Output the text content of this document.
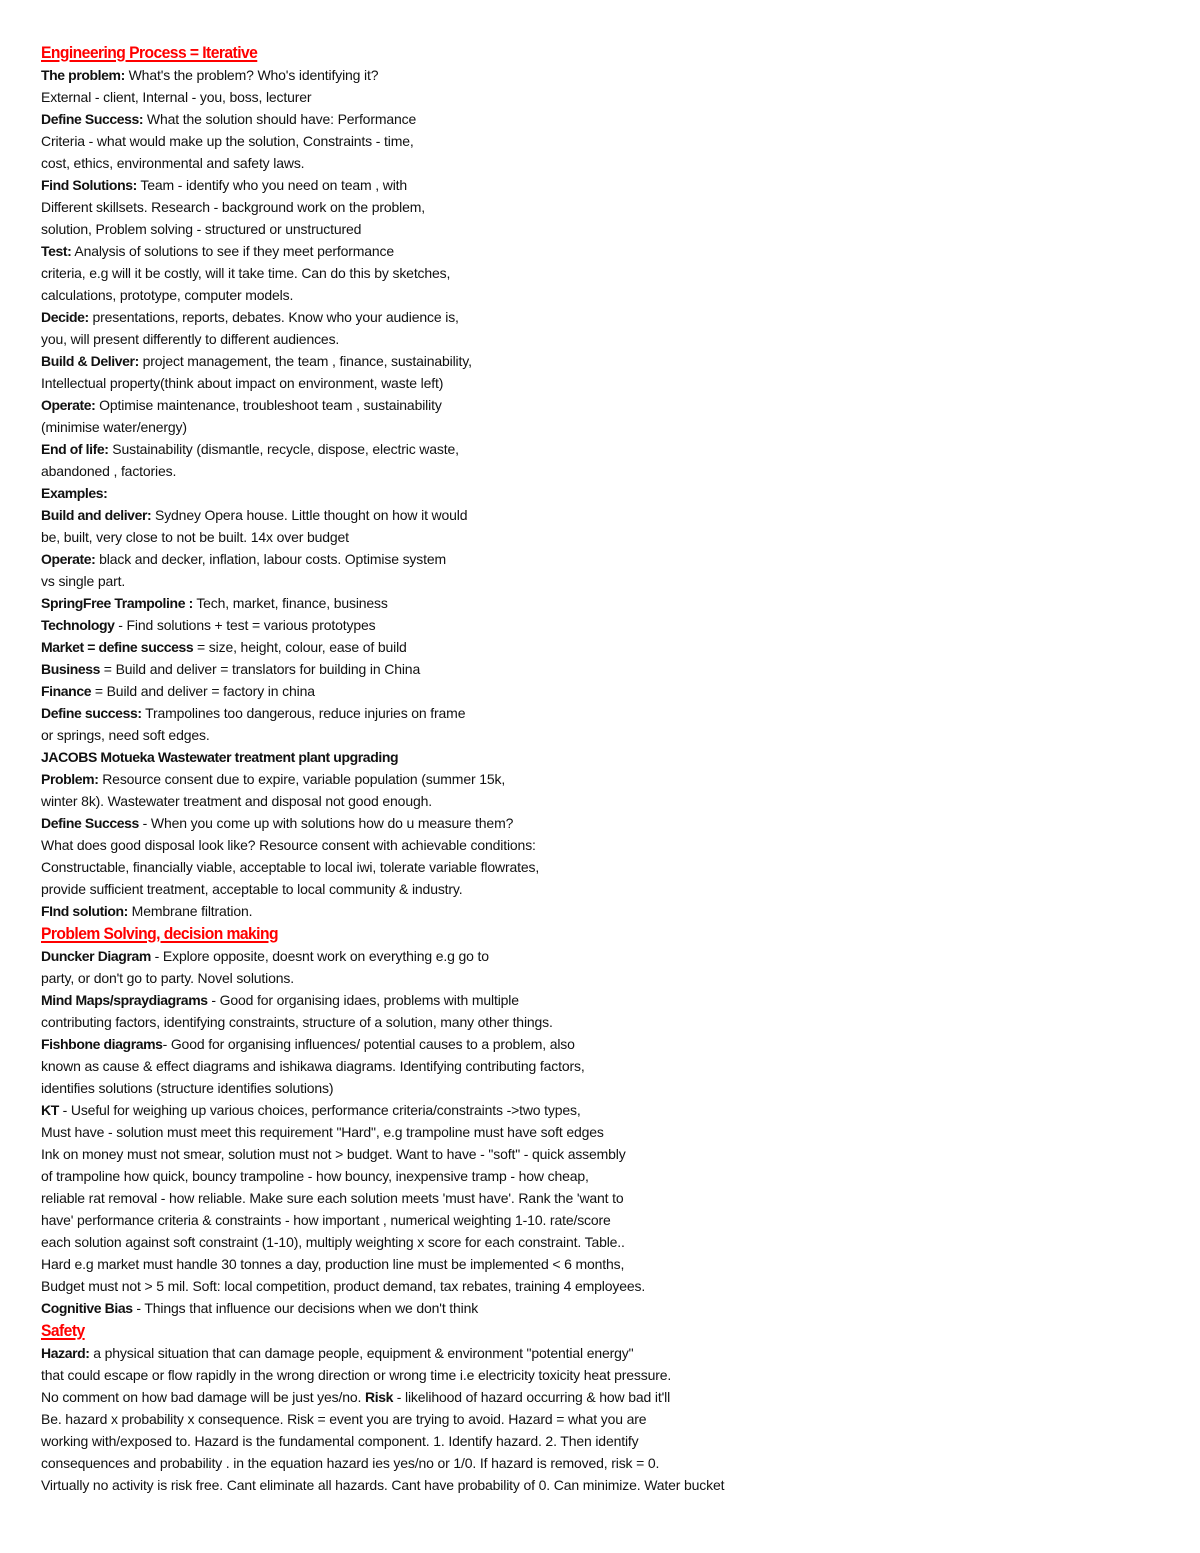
Engineering Process = Iterative
The problem: What's the problem? Who's identifying it?
External - client, Internal - you, boss, lecturer
Define Success: What the solution should have: Performance
Criteria - what would make up the solution, Constraints - time,
cost, ethics, environmental and safety laws.
Find Solutions: Team - identify who you need on team , with
Different skillsets. Research - background work on the problem,
solution, Problem solving - structured or unstructured
Test: Analysis of solutions to see if they meet performance
criteria, e.g will it be costly, will it take time. Can do this by sketches,
calculations, prototype, computer models.
Decide: presentations, reports, debates. Know who your audience is,
you, will present differently to different audiences.
Build & Deliver: project management, the team , finance, sustainability,
Intellectual property(think about impact on environment, waste left)
Operate: Optimise maintenance, troubleshoot team , sustainability
(minimise water/energy)
End of life: Sustainability (dismantle, recycle, dispose, electric waste,
abandoned , factories.
Examples:
Build and deliver: Sydney Opera house. Little thought on how it would
be, built, very close to not be built. 14x over budget
Operate: black and decker, inflation, labour costs. Optimise system
vs single part.
SpringFree Trampoline : Tech, market, finance, business
Technology - Find solutions + test = various prototypes
Market = define success = size, height, colour, ease of build
Business = Build and deliver = translators for building in China
Finance = Build and deliver = factory in china
Define success: Trampolines too dangerous, reduce injuries on frame
or springs, need soft edges.
JACOBS Motueka Wastewater treatment plant upgrading
Problem: Resource consent due to expire, variable population (summer 15k,
winter 8k). Wastewater treatment and disposal not good enough.
Define Success - When you come up with solutions how do u measure them?
What does good disposal look like? Resource consent with achievable conditions:
Constructable, financially viable, acceptable to local iwi, tolerate variable flowrates,
provide sufficient treatment, acceptable to local community & industry.
FInd solution: Membrane filtration.
Problem Solving, decision making
Duncker Diagram - Explore opposite, doesnt work on everything e.g go to
party, or don't go to party. Novel solutions.
Mind Maps/spraydiagrams - Good for organising idaes, problems with multiple
contributing factors, identifying constraints, structure of a solution, many other things.
Fishbone diagrams- Good for organising influences/ potential causes to a problem, also
known as cause & effect diagrams and ishikawa diagrams. Identifying contributing factors,
identifies solutions (structure identifies solutions)
KT - Useful for weighing up various choices, performance criteria/constraints ->two types,
Must have - solution must meet this requirement "Hard", e.g trampoline must have soft edges
Ink on money must not smear, solution must not > budget. Want to have - "soft" - quick assembly
of trampoline how quick, bouncy trampoline - how bouncy, inexpensive tramp - how cheap,
reliable rat removal - how reliable. Make sure each solution meets 'must have'. Rank the 'want to
have' performance criteria & constraints - how important , numerical weighting 1-10. rate/score
each solution against soft constraint (1-10), multiply weighting x score for each constraint. Table..
Hard e.g market must handle 30 tonnes a day, production line must be implemented < 6 months,
Budget must not > 5 mil. Soft: local competition, product demand, tax rebates, training 4 employees.
Cognitive Bias - Things that influence our decisions when we don't think
Safety
Hazard: a physical situation that can damage people, equipment & environment "potential energy"
that could escape or flow rapidly in the wrong direction or wrong time i.e electricity toxicity heat pressure.
No comment on how bad damage will be just yes/no. Risk - likelihood of hazard occurring & how bad it'll
Be. hazard x probability x consequence. Risk = event you are trying to avoid. Hazard = what you are
working with/exposed to. Hazard is the fundamental component. 1. Identify hazard. 2. Then identify
consequences and probability . in the equation hazard ies yes/no or 1/0. If hazard is removed, risk = 0.
Virtually no activity is risk free. Cant eliminate all hazards. Cant have probability of 0. Can minimize. Water bucket
